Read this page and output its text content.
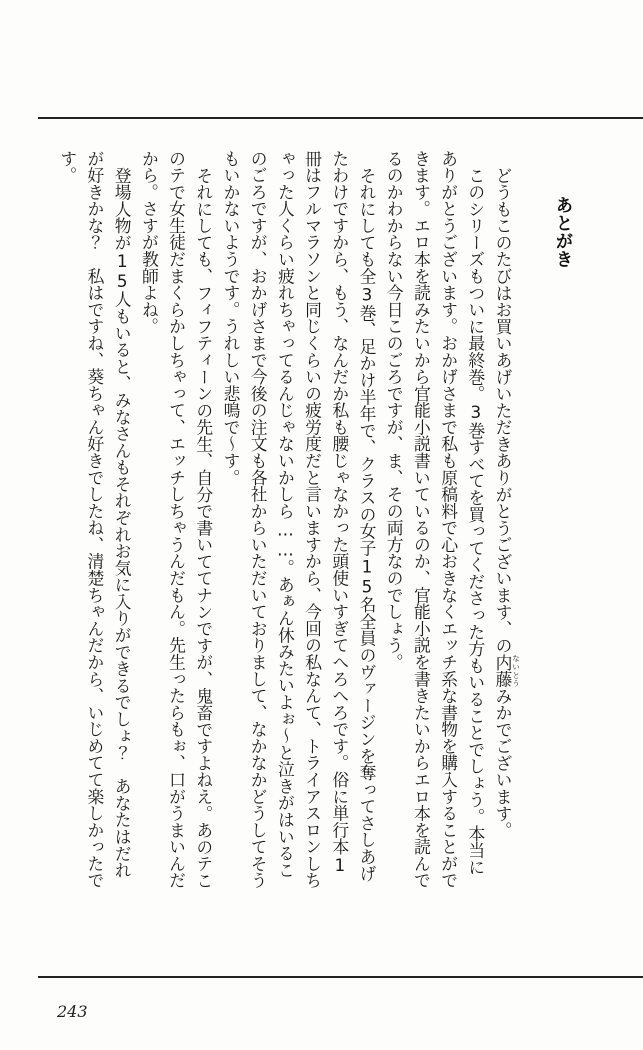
あとがき

どうもこのたびはお買いあげいただきありがとうございます、の内藤ないとうみかでございます。

このシリーズもついに最終巻。3巻すべてを買ってくださった方もいることでしょう。本当にありがとうございます。おかげさまで私も原稿料で心おきなくエッチ系な書物を購入することができます。エロ本を読みたいから官能小説書いているのか、官能小説を書きたいからエロ本を読んでるのかわからない今日このごろですが、ま、その両方なのでしょう。

それにしても全3巻、足かけ半年で、クラスの女子15名全員のヴァージンを奪ってさしあげたわけですから、もう、なんだか私も腰じゃなかった頭使いすぎてへろへろです。俗に単行本1冊はフルマラソンと同じくらいの疲労度だと言いますから、今回の私なんて、トライアスロンしちゃった人くらい疲れちゃってるんじゃないかしら……。あぁん休みたいよぉ～と泣きがはいるこのごろですが、おかげさまで今後の注文も各社からいただいておりまして、なかなかどうしてそうもいかないようです。うれしい悲鳴で～す。

それにしても、フィフティーンの先生、自分で書いててナンですが、鬼畜ですよねえ。あのテこのテで女生徒だまくらかしちゃって、エッチしちゃうんだもん。先生ったらもぉ、口がうまいんだから。さすが教師よね。

登場人物が15人もいると、みなさんもそれぞれお気に入りができるでしょ？　あなたはだれが好きかな？　私はですね、葵ちゃん好きでしたね、清楚ちゃんだから、いじめてて楽しかったです。

243
